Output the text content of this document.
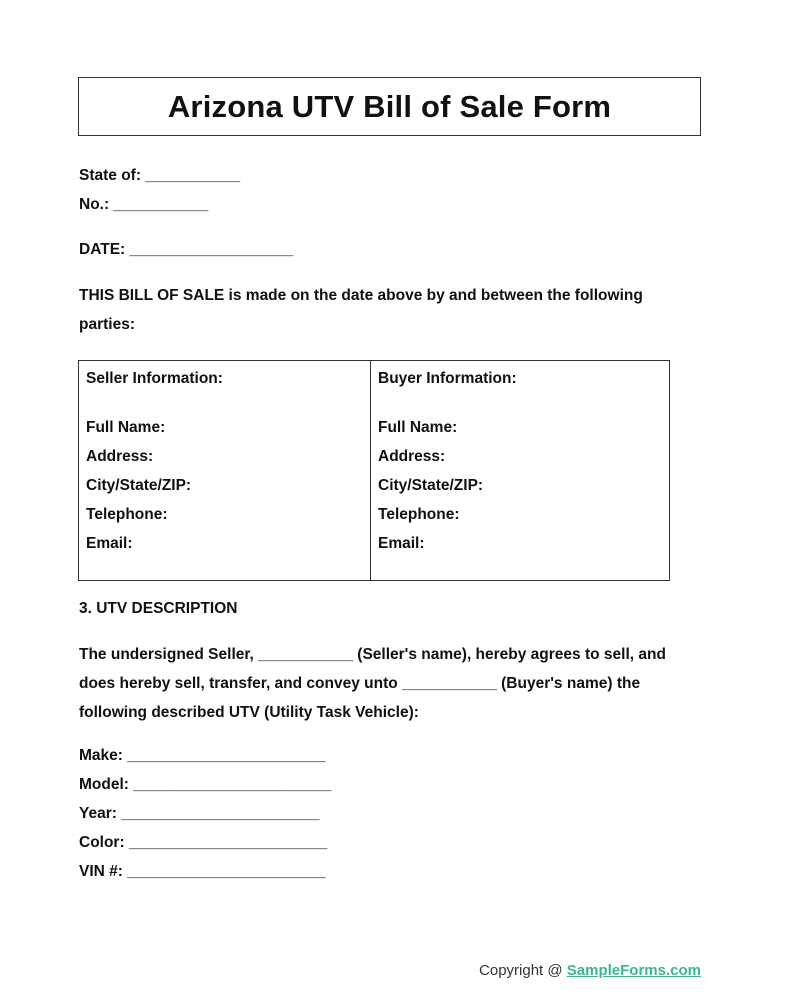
Arizona UTV Bill of Sale Form
State of: ___________
No.: ___________
DATE: ___________________
THIS BILL OF SALE is made on the date above by and between the following parties:
Seller Information:
Full Name:
Address:
City/State/ZIP:
Telephone:
Email:
Buyer Information:
Full Name:
Address:
City/State/ZIP:
Telephone:
Email:
3. UTV DESCRIPTION
The undersigned Seller, ___________ (Seller's name), hereby agrees to sell, and does hereby sell, transfer, and convey unto ___________ (Buyer's name) the following described UTV (Utility Task Vehicle):
Make: _______________________
Model: _______________________
Year: _______________________
Color: _______________________
VIN #: _______________________
Copyright @ SampleForms.com
